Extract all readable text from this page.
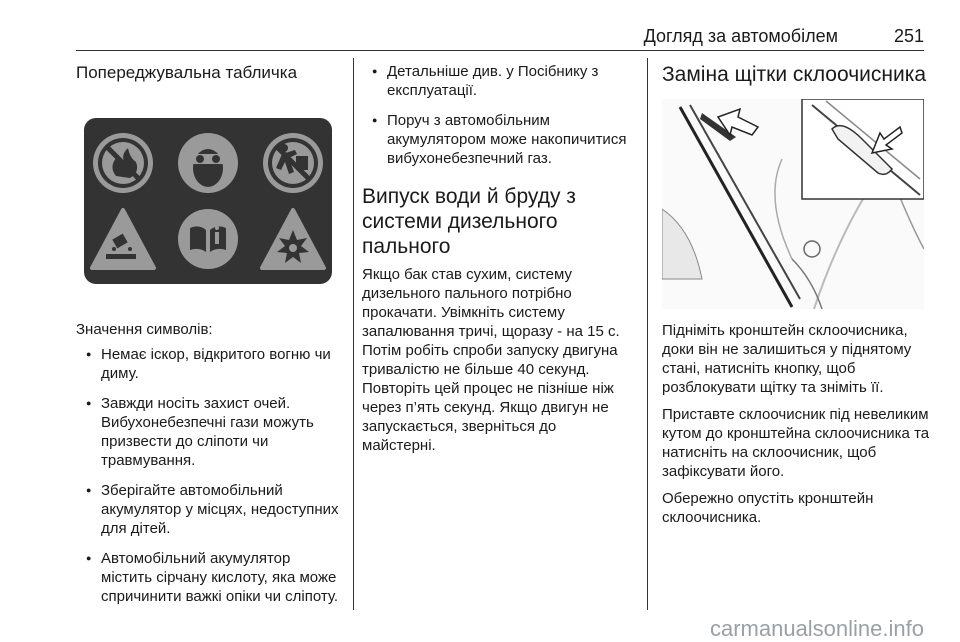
Догляд за автомобілем	251
Попереджувальна табличка

Значення символів:

● Немає іскор, відкритого вогню чи диму.
● Завжди носіть захист очей. Вибухонебезпечні гази можуть призвести до сліпоти чи травмування.
● Зберігайте автомобільний акумулятор у місцях, недоступних для дітей.
● Автомобільний акумулятор містить сірчану кислоту, яка може спричинити важкі опіки чи сліпоту.
● Детальніше див. у Посібнику з експлуатації.
● Поруч з автомобільним акумулятором може накопичитися вибухонебезпечний газ.
Випуск води й бруду з системи дизельного пального

Якщо бак став сухим, систему дизельного пального потрібно прокачати. Увімкніть систему запалювання тричі, щоразу - на 15 с. Потім робіть спроби запуску двигуна тривалістю не більше 40 секунд. Повторіть цей процес не пізніше ніж через п’ять секунд. Якщо двигун не запускається, зверніться до майстерні.

Заміна щітки склоочисника

Підніміть кронштейн склоочисника, доки він не залишиться у піднятому стані, натисніть кнопку, щоб розблокувати щітку та зніміть її.

Приставте склоочисник під невеликим кутом до кронштейна склоочисника та натисніть на склоочисник, щоб зафіксувати його.

Обережно опустіть кронштейн склоочисника.

carmanualsonline.info
